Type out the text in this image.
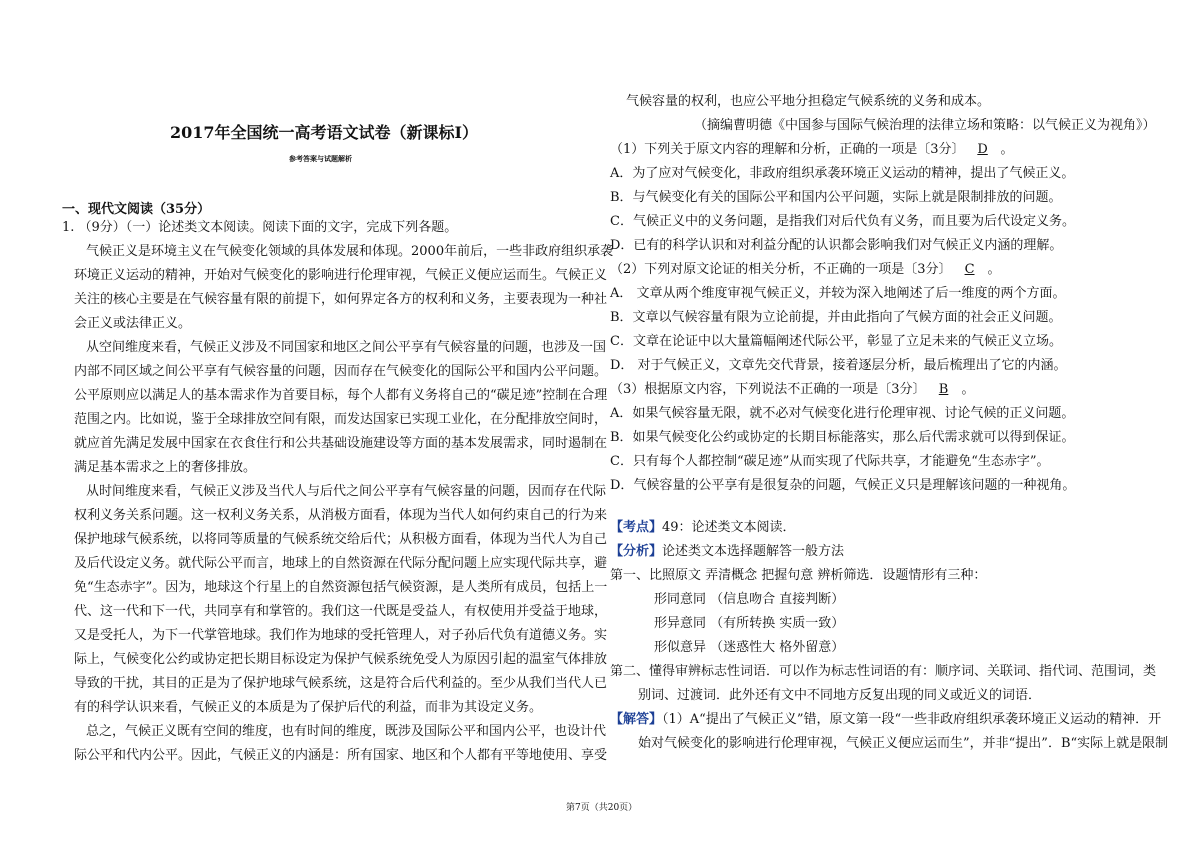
2017年全国统一高考语文试卷（新课标Ⅰ）
参考答案与试题解析
一、现代文阅读（35分）
1. （9分）（一）论述类文本阅读。阅读下面的文字，完成下列各题。
气候正义是环境主义在气候变化领域的具体发展和体现。2000年前后，一些非政府组织承袭
环境正义运动的精神，开始对气候变化的影响进行伦理审视，气候正义便应运而生。气候正义
关注的核心主要是在气候容量有限的前提下，如何界定各方的权利和义务，主要表现为一种社
会正义或法律正义。
从空间维度来看，气候正义涉及不同国家和地区之间公平享有气候容量的问题，也涉及一国
内部不同区域之间公平享有气候容量的问题，因而存在气候变化的国际公平和国内公平问题。
公平原则应以满足人的基本需求作为首要目标，每个人都有义务将自己的“碳足迹”控制在合理
范围之内。比如说，鉴于全球排放空间有限，而发达国家已实现工业化，在分配排放空间时，
就应首先满足发展中国家在衣食住行和公共基础设施建设等方面的基本发展需求，同时遏制在
满足基本需求之上的奢侈排放。
从时间维度来看，气候正义涉及当代人与后代之间公平享有气候容量的问题，因而存在代际
权利义务关系问题。这一权利义务关系，从消极方面看，体现为当代人如何约束自己的行为来
保护地球气候系统，以将同等质量的气候系统交给后代；从积极方面看，体现为当代人为自己
及后代设定义务。就代际公平而言，地球上的自然资源在代际分配问题上应实现代际共享，避
免“生态赤字”。因为，地球这个行星上的自然资源包括气候资源，是人类所有成员，包括上一
代、这一代和下一代，共同享有和掌管的。我们这一代既是受益人，有权使用并受益于地球，
又是受托人，为下一代掌管地球。我们作为地球的受托管理人，对子孙后代负有道德义务。实
际上，气候变化公约或协定把长期目标设定为保护气候系统免受人为原因引起的温室气体排放
导致的干扰，其目的正是为了保护地球气候系统，这是符合后代利益的。至少从我们当代人已
有的科学认识来看，气候正义的本质是为了保护后代的利益，而非为其设定义务。
总之，气候正义既有空间的维度，也有时间的维度，既涉及国际公平和国内公平，也设计代
际公平和代内公平。因此，气候正义的内涵是：所有国家、地区和个人都有平等地使用、享受
气候容量的权利，也应公平地分担稳定气候系统的义务和成本。
（摘编曹明德《中国参与国际气候治理的法律立场和策略：以气候正义为视角》）
（1）下列关于原文内容的理解和分析，正确的一项是〔3分〕 D 。
A．为了应对气候变化，非政府组织承袭环境正义运动的精神，提出了气候正义。
B．与气候变化有关的国际公平和国内公平问题，实际上就是限制排放的问题。
C．气候正义中的义务问题，是指我们对后代负有义务，而且要为后代设定义务。
D．已有的科学认识和对利益分配的认识都会影响我们对气候正义内涵的理解。
（2）下列对原文论证的相关分析，不正确的一项是〔3分〕 C 。
A． 文章从两个维度审视气候正义，并较为深入地阐述了后一维度的两个方面。
B．文章以气候容量有限为立论前提，并由此指向了气候方面的社会正义问题。
C．文章在论证中以大量篇幅阐述代际公平，彰显了立足未来的气候正义立场。
D． 对于气候正义，文章先交代背景，接着逐层分析，最后梳理出了它的内涵。
（3）根据原文内容，下列说法不正确的一项是〔3分〕 B 。
A．如果气候容量无限，就不必对气候变化进行伦理审视、讨论气候的正义问题。
B．如果气候变化公约或协定的长期目标能落实，那么后代需求就可以得到保证。
C．只有每个人都控制“碳足迹”从而实现了代际共享，才能避免“生态赤字”。
D．气候容量的公平享有是很复杂的问题，气候正义只是理解该问题的一种视角。
【考点】49：论述类文本阅读．
【分析】论述类文本选择题解答一般方法
第一、比照原文 弄清概念 把握句意 辨析筛选．设题情形有三种：
形同意同 （信息吻合 直接判断）
形异意同 （有所转换 实质一致）
形似意异 （迷惑性大 格外留意）
第二、懂得审辨标志性词语．可以作为标志性词语的有：顺序词、关联词、指代词、范围词，类
别词、过渡词．此外还有文中不同地方反复出现的同义或近义的词语．
【解答】（1）A“提出了气候正义”错，原文第一段“一些非政府组织承袭环境正义运动的精神．开
始对气候变化的影响进行伦理审视，气候正义便应运而生”，并非“提出”．B“实际上就是限制
第7页（共20页）
